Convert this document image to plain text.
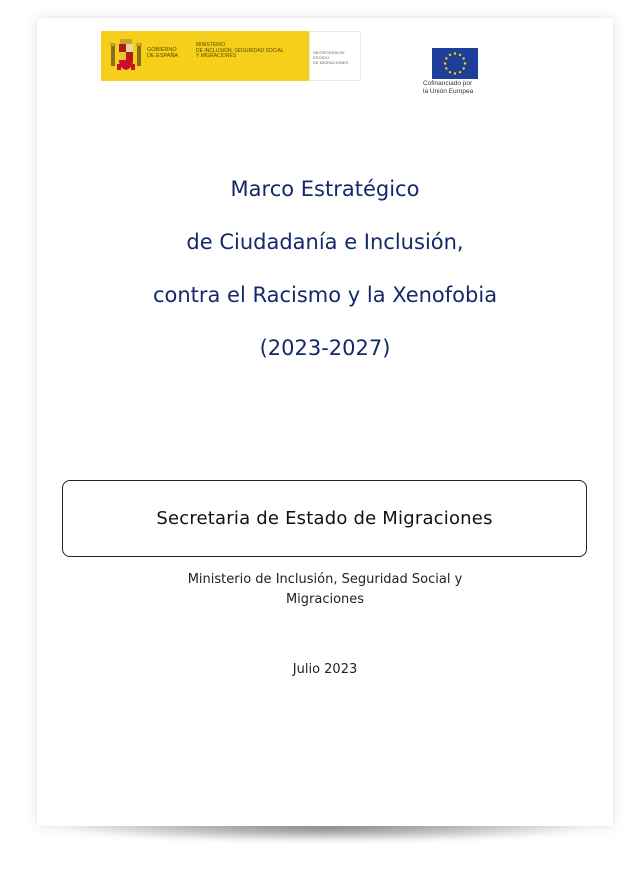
GOBIERNO
DE ESPAÑA
MINISTERIO
DE INCLUSIÓN, SEGURIDAD SOCIAL
Y MIGRACIONES
SECRETARÍA DE ESTADO
DE MIGRACIONES
Cofinanciado por
la Unión Europea
Marco Estratégico
de Ciudadanía e Inclusión,
contra el Racismo y la Xenofobia
(2023-2027)
Secretaria de Estado de Migraciones
Ministerio de Inclusión, Seguridad Social y
Migraciones
Julio 2023
